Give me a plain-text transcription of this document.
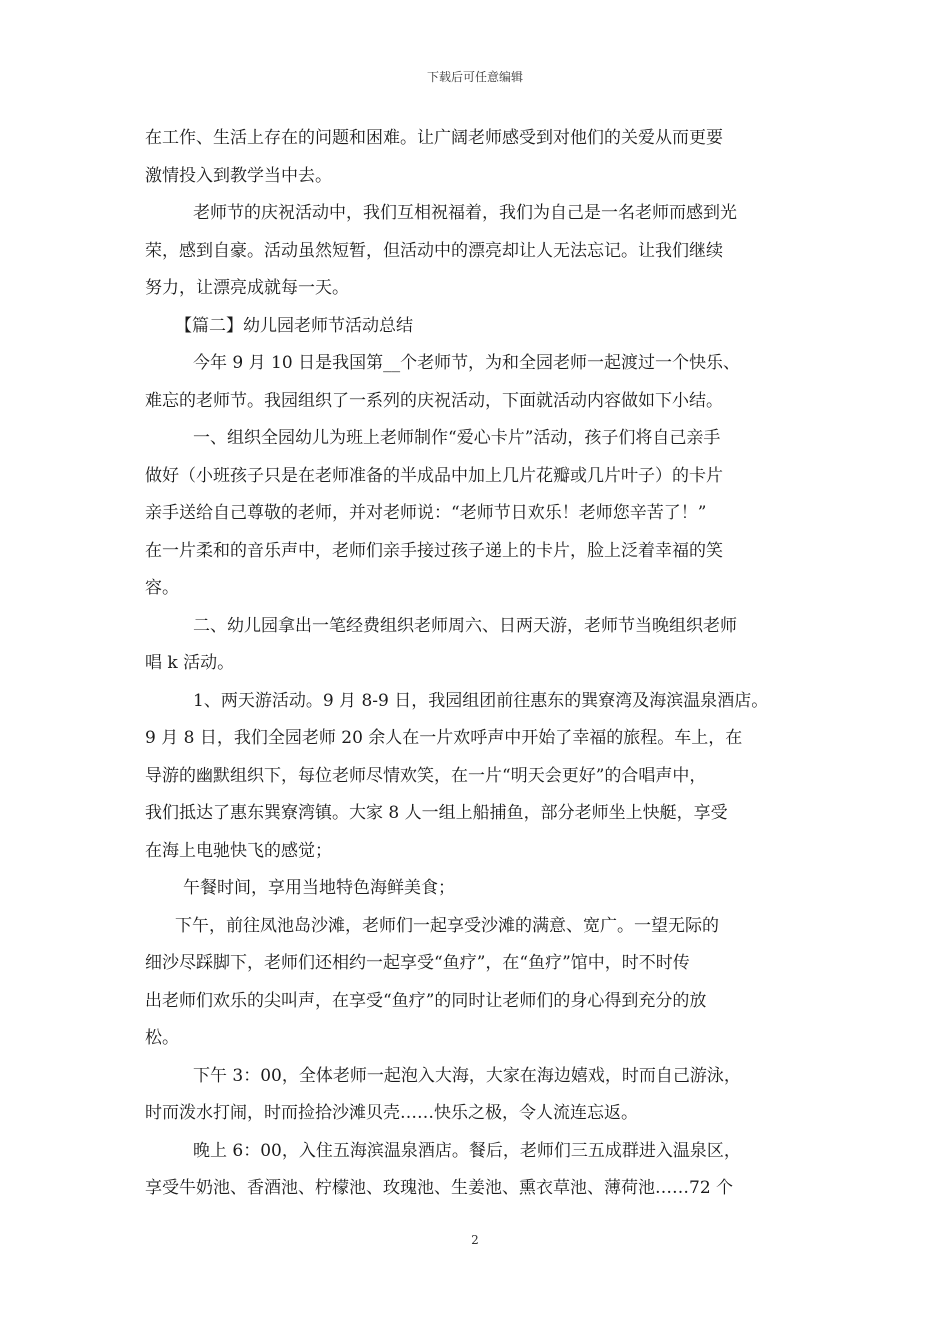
下载后可任意编辑

在工作、生活上存在的问题和困难。让广阔老师感受到对他们的关爱从而更要
激情投入到教学当中去。

老师节的庆祝活动中，我们互相祝福着，我们为自己是一名老师而感到光
荣，感到自豪。活动虽然短暂，但活动中的漂亮却让人无法忘记。让我们继续
努力，让漂亮成就每一天。

【篇二】幼儿园老师节活动总结

今年 9 月 10 日是我国第__个老师节，为和全园老师一起渡过一个快乐、
难忘的老师节。我园组织了一系列的庆祝活动，下面就活动内容做如下小结。

一、组织全园幼儿为班上老师制作“爱心卡片”活动，孩子们将自己亲手
做好（小班孩子只是在老师准备的半成品中加上几片花瓣或几片叶子）的卡片
亲手送给自己尊敬的老师，并对老师说：“老师节日欢乐！老师您辛苦了！”
在一片柔和的音乐声中，老师们亲手接过孩子递上的卡片，脸上泛着幸福的笑
容。

二、幼儿园拿出一笔经费组织老师周六、日两天游，老师节当晚组织老师
唱 k 活动。

1、两天游活动。9 月 8-9 日，我园组团前往惠东的巽寮湾及海滨温泉酒店。
9 月 8 日，我们全园老师 20 余人在一片欢呼声中开始了幸福的旅程。车上，在
导游的幽默组织下，每位老师尽情欢笑，在一片“明天会更好”的合唱声中，
我们抵达了惠东巽寮湾镇。大家 8 人一组上船捕鱼，部分老师坐上快艇，享受
在海上电驰快飞的感觉；

午餐时间，享用当地特色海鲜美食；

下午，前往凤池岛沙滩，老师们一起享受沙滩的满意、宽广。一望无际的
细沙尽踩脚下，老师们还相约一起享受“鱼疗”，在“鱼疗”馆中，时不时传
出老师们欢乐的尖叫声，在享受“鱼疗”的同时让老师们的身心得到充分的放
松。

下午 3：00，全体老师一起泡入大海，大家在海边嬉戏，时而自己游泳，
时而泼水打闹，时而捡拾沙滩贝壳……快乐之极，令人流连忘返。

晚上 6：00，入住五海滨温泉酒店。餐后，老师们三五成群进入温泉区，
享受牛奶池、香酒池、柠檬池、玫瑰池、生姜池、熏衣草池、薄荷池……72 个

2
